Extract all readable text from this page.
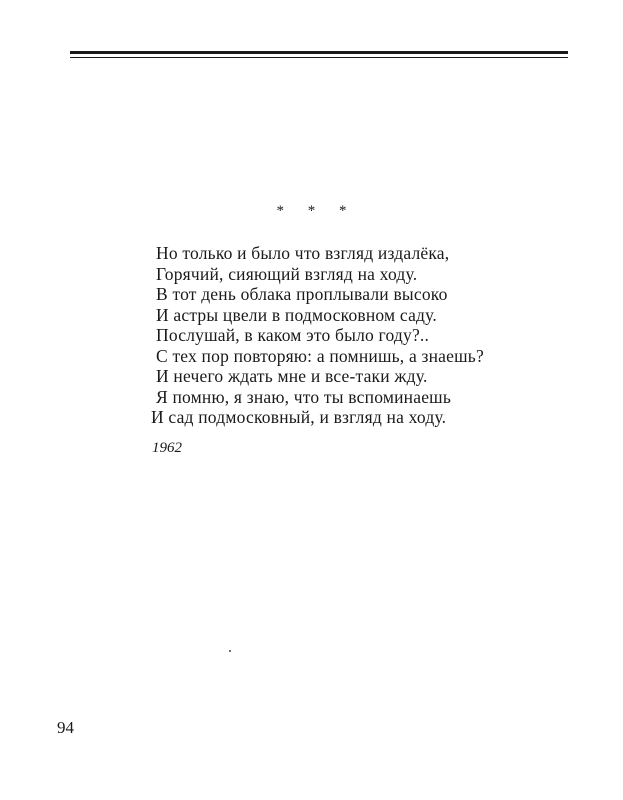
* * *
Но только и было что взгляд издалёка,
Горячий, сияющий взгляд на ходу.
В тот день облака проплывали высоко
И астры цвели в подмосковном саду.
Послушай, в каком это было году?..
С тех пор повторяю: а помнишь, а знаешь?
И нечего ждать мне и все-таки жду.
Я помню, я знаю, что ты вспоминаешь
И сад подмосковный, и взгляд на ходу.
1962
94
